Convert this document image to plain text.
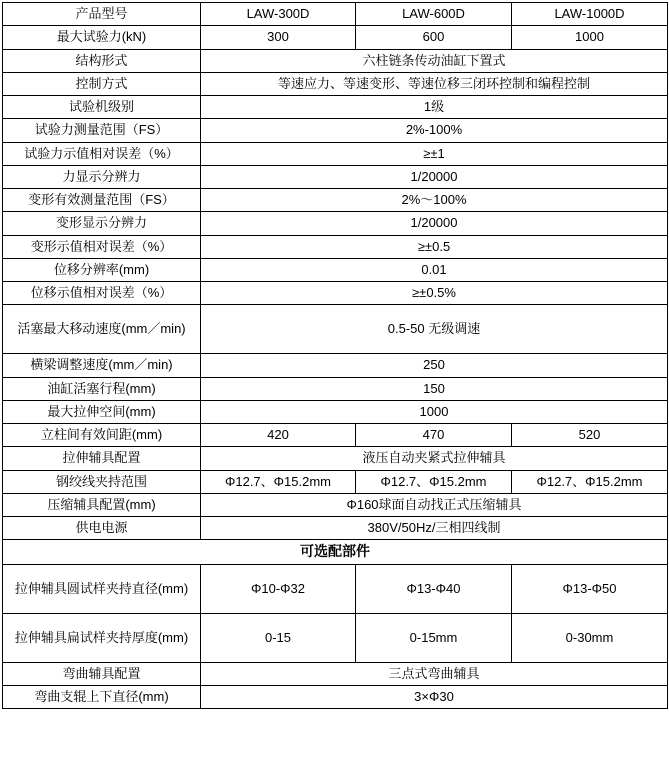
产品型号	LAW-300D	LAW-600D	LAW-1000D
最大试验力(kN)	300	600	1000
结构形式	六柱链条传动油缸下置式		
控制方式	等速应力、等速变形、等速位移三闭环控制和编程控制		
试验机级别	1级		
试验力测量范围（FS）	2%-100%		
试验力示值相对误差（%）	≥±1		
力显示分辨力	1/20000		
变形有效测量范围（FS）	2%～100%		
变形显示分辨力	1/20000		
变形示值相对误差（%）	≥±0.5		
位移分辨率(mm)	0.01		
位移示值相对误差（%）	≥±0.5%		
活塞最大移动速度(mm／min)	0.5-50 无级调速		
横梁调整速度(mm／min)	250		
油缸活塞行程(mm)	150		
最大拉伸空间(mm)	1000		
立柱间有效间距(mm)	420	470	520
拉伸辅具配置	液压自动夹紧式拉伸辅具		
钢绞线夹持范围	Φ12.7、Φ15.2mm	Φ12.7、Φ15.2mm	Φ12.7、Φ15.2mm
压缩辅具配置(mm)	Φ160球面自动找正式压缩辅具		
供电电源	380V/50Hz/三相四线制		
可选配部件			
拉伸辅具圆试样夹持直径(mm)	Φ10-Φ32	Φ13-Φ40	Φ13-Φ50
拉伸辅具扁试样夹持厚度(mm)	0-15	0-15mm	0-30mm
弯曲辅具配置	三点式弯曲辅具		
弯曲支辊上下直径(mm)	3×Φ30		
